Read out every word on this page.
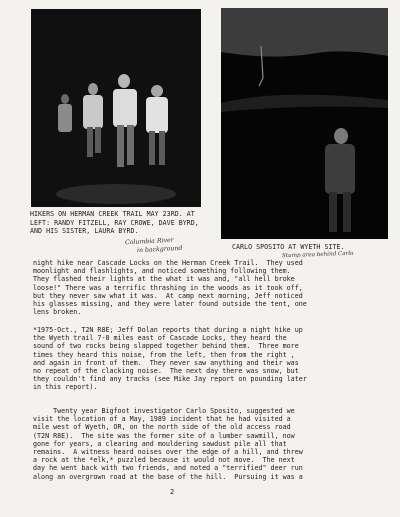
HIKERS ON HERMAN CREEK TRAIL MAY 23RD. AT
LEFT: RANDY FITZELL, RAY CROWE, DAVE BYRD,
AND HIS SISTER, LAURA BYRD.
CARLO SPOSITO AT WYETH SITE.
Columbia River
in background
Stump area behind Carlo
night hike near Cascade Locks on the Herman Creek Trail.  They used
moonlight and flashlights, and noticed something following them.
They flashed their lights at the what it was and, "all hell broke
loose!" There was a terrific thrashing in the woods as it took off,
but they never saw what it was.  At camp next morning, Jeff noticed
his glasses missing, and they were later found outside the tent, one
lens broken.
*1975-Oct., T2N R8E; Jeff Dolan reports that during a night hike up
the Wyeth trail 7-8 miles east of Cascade Locks, they heard the
sound of two rocks being slapped together behind them.  Three more
times they heard this noise, from the left, then from the right ,
and again in front of them.  They never saw anything and their was
no repeat of the clacking noise.  The next day there was snow, but
they couldn't find any tracks (see Mike Jay report on pounding later
in this report).
Twenty year Bigfoot investigator Carlo Sposito, suggested we
visit the location of a May, 1989 incident that he had visited a
mile west of Wyeth, OR, on the north side of the old access road
(T2N R8E).  The site was the former site of a lumber sawmill, now
gone for years, a clearing and mouldering sawdust pile all that
remains.  A witness heard noises over the edge of a hill, and threw
a rock at the *elk,* puzzled because it would not move.  The next
day he went back with two friends, and noted a "terrified" deer run
along an overgrown road at the base of the hill.  Pursuing it was a
2
